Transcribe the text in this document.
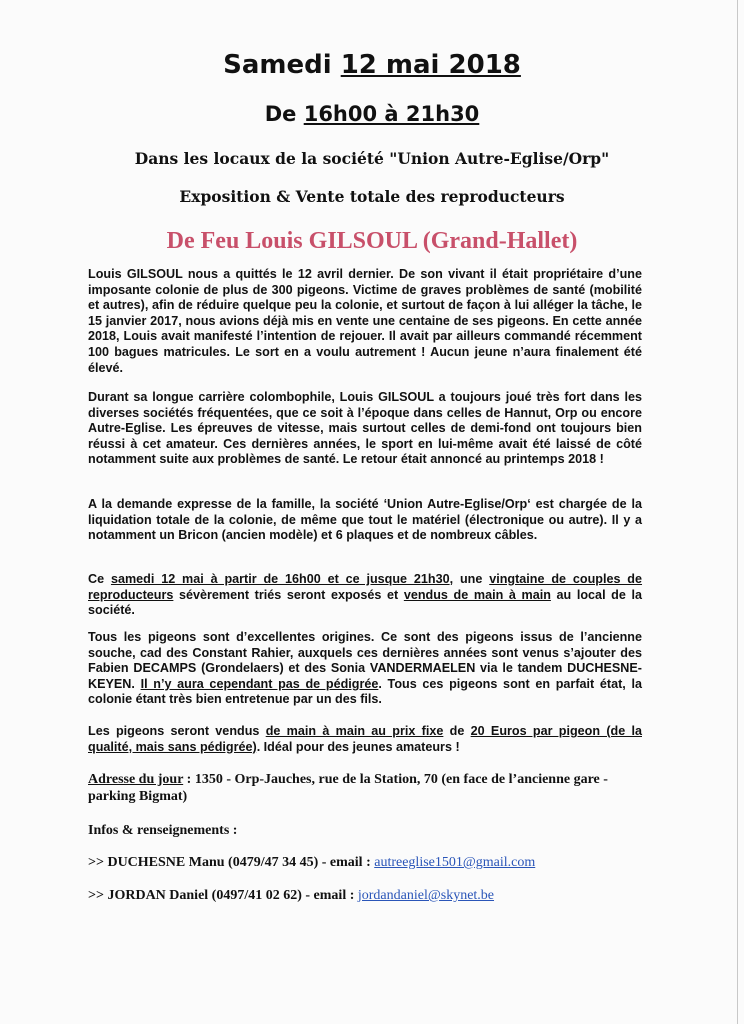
Samedi 12 mai 2018
De 16h00 à 21h30

Dans les locaux de la société "Union Autre-Eglise/Orp"

Exposition & Vente totale des reproducteurs

De Feu Louis GILSOUL (Grand-Hallet)

Louis GILSOUL nous a quittés le 12 avril dernier. De son vivant il était propriétaire d’une imposante colonie de plus de 300 pigeons. Victime de graves problèmes de santé (mobilité et autres), afin de réduire quelque peu la colonie, et surtout de façon à lui alléger la tâche, le 15 janvier 2017, nous avions déjà mis en vente une centaine de ses pigeons. En cette année 2018, Louis avait manifesté l’intention de rejouer. Il avait par ailleurs commandé récemment 100 bagues matricules. Le sort en a voulu autrement ! Aucun jeune n’aura finalement été élevé.

Durant sa longue carrière colombophile, Louis GILSOUL a toujours joué très fort dans les diverses sociétés fréquentées, que ce soit à l’époque dans celles de Hannut, Orp ou encore Autre-Eglise. Les épreuves de vitesse, mais surtout celles de demi-fond ont toujours bien réussi à cet amateur. Ces dernières années, le sport en lui-même avait été laissé de côté notamment suite aux problèmes de santé. Le retour était annoncé au printemps 2018 !

A la demande expresse de la famille, la société ‘Union Autre-Eglise/Orp‘ est chargée de la liquidation totale de la colonie, de même que tout le matériel (électronique ou autre). Il y a notamment un Bricon (ancien modèle) et 6 plaques et de nombreux câbles.

Ce samedi 12 mai à partir de 16h00 et ce jusque 21h30, une vingtaine de couples de reproducteurs sévèrement triés seront exposés et vendus de main à main au local de la société.

Tous les pigeons sont d’excellentes origines. Ce sont des pigeons issus de l’ancienne souche, cad des Constant Rahier, auxquels ces dernières années sont venus s’ajouter des Fabien DECAMPS (Grondelaers) et des Sonia VANDERMAELEN via le tandem DUCHESNE-KEYEN. Il n’y aura cependant pas de pédigrée. Tous ces pigeons sont en parfait état, la colonie étant très bien entretenue par un des fils.

Les pigeons seront vendus de main à main au prix fixe de 20 Euros par pigeon (de la qualité, mais sans pédigrée). Idéal pour des jeunes amateurs !

Adresse du jour : 1350 - Orp-Jauches, rue de la Station, 70 (en face de l’ancienne gare - parking Bigmat)

Infos & renseignements :

>> DUCHESNE Manu (0479/47 34 45) - email : autreeglise1501@gmail.com

>> JORDAN Daniel (0497/41 02 62) - email : jordandaniel@skynet.be
